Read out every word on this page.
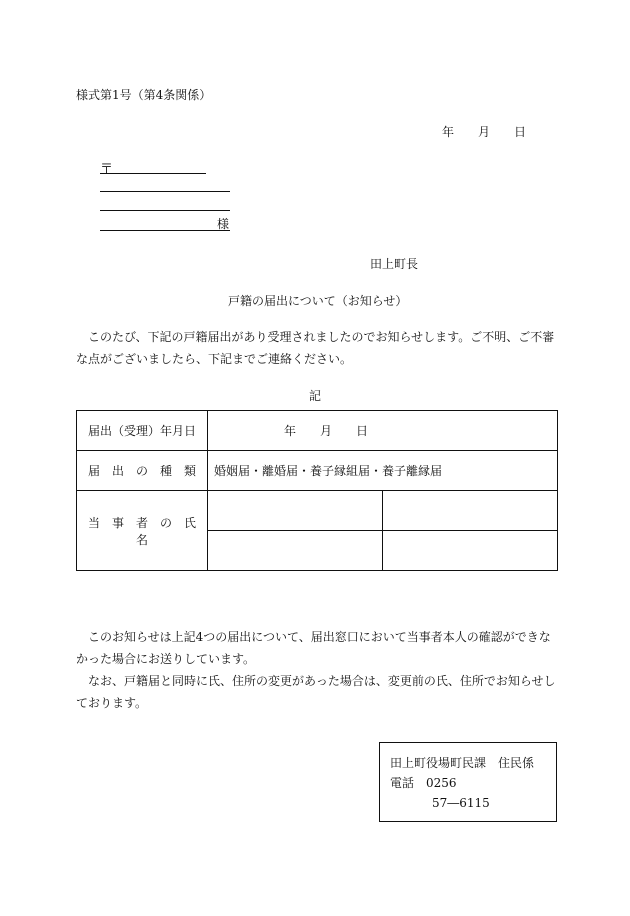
様式第1号（第4条関係）
年　　月　　日
〒
様
田上町長
戸籍の届出について（お知らせ）
このたび、下記の戸籍届出があり受理されましたのでお知らせします。ご不明、ご不審な点がございましたら、下記までご連絡ください。
記
届出（受理）年月日	年　　月　　日	
届　出　の　種　類	婚姻届・離婚届・養子縁組届・養子離縁届	
当　事　者　の　氏　名		

このお知らせは上記4つの届出について、届出窓口において当事者本人の確認ができなかった場合にお送りしています。
なお、戸籍届と同時に氏、住所の変更があった場合は、変更前の氏、住所でお知らせしております。
田上町役場町民課　住民係
電話　0256
57―6115
